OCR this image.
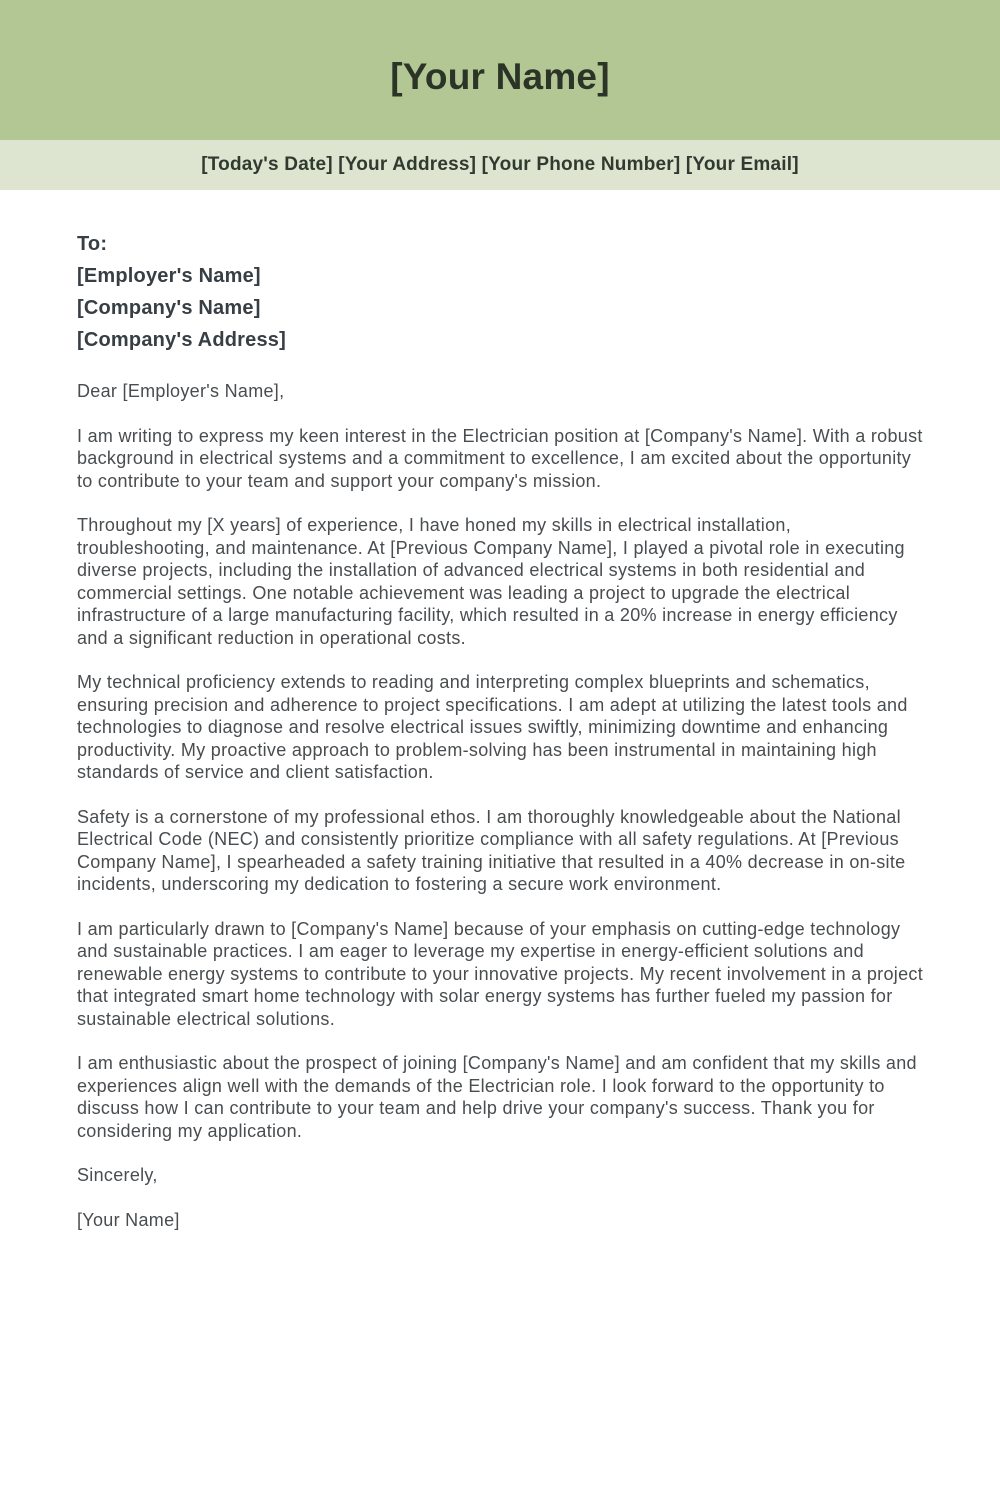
[Your Name]

[Today's Date] [Your Address] [Your Phone Number] [Your Email]

To:

[Employer's Name]

[Company's Name]

[Company's Address]

Dear [Employer's Name],

I am writing to express my keen interest in the Electrician position at [Company's Name]. With a robust background in electrical systems and a commitment to excellence, I am excited about the opportunity to contribute to your team and support your company's mission.

Throughout my [X years] of experience, I have honed my skills in electrical installation, troubleshooting, and maintenance. At [Previous Company Name], I played a pivotal role in executing diverse projects, including the installation of advanced electrical systems in both residential and commercial settings. One notable achievement was leading a project to upgrade the electrical infrastructure of a large manufacturing facility, which resulted in a 20% increase in energy efficiency and a significant reduction in operational costs.

My technical proficiency extends to reading and interpreting complex blueprints and schematics, ensuring precision and adherence to project specifications. I am adept at utilizing the latest tools and technologies to diagnose and resolve electrical issues swiftly, minimizing downtime and enhancing productivity. My proactive approach to problem-solving has been instrumental in maintaining high standards of service and client satisfaction.

Safety is a cornerstone of my professional ethos. I am thoroughly knowledgeable about the National Electrical Code (NEC) and consistently prioritize compliance with all safety regulations. At [Previous Company Name], I spearheaded a safety training initiative that resulted in a 40% decrease in on-site incidents, underscoring my dedication to fostering a secure work environment.

I am particularly drawn to [Company's Name] because of your emphasis on cutting-edge technology and sustainable practices. I am eager to leverage my expertise in energy-efficient solutions and renewable energy systems to contribute to your innovative projects. My recent involvement in a project that integrated smart home technology with solar energy systems has further fueled my passion for sustainable electrical solutions.

I am enthusiastic about the prospect of joining [Company's Name] and am confident that my skills and experiences align well with the demands of the Electrician role. I look forward to the opportunity to discuss how I can contribute to your team and help drive your company's success. Thank you for considering my application.

Sincerely,

[Your Name]
